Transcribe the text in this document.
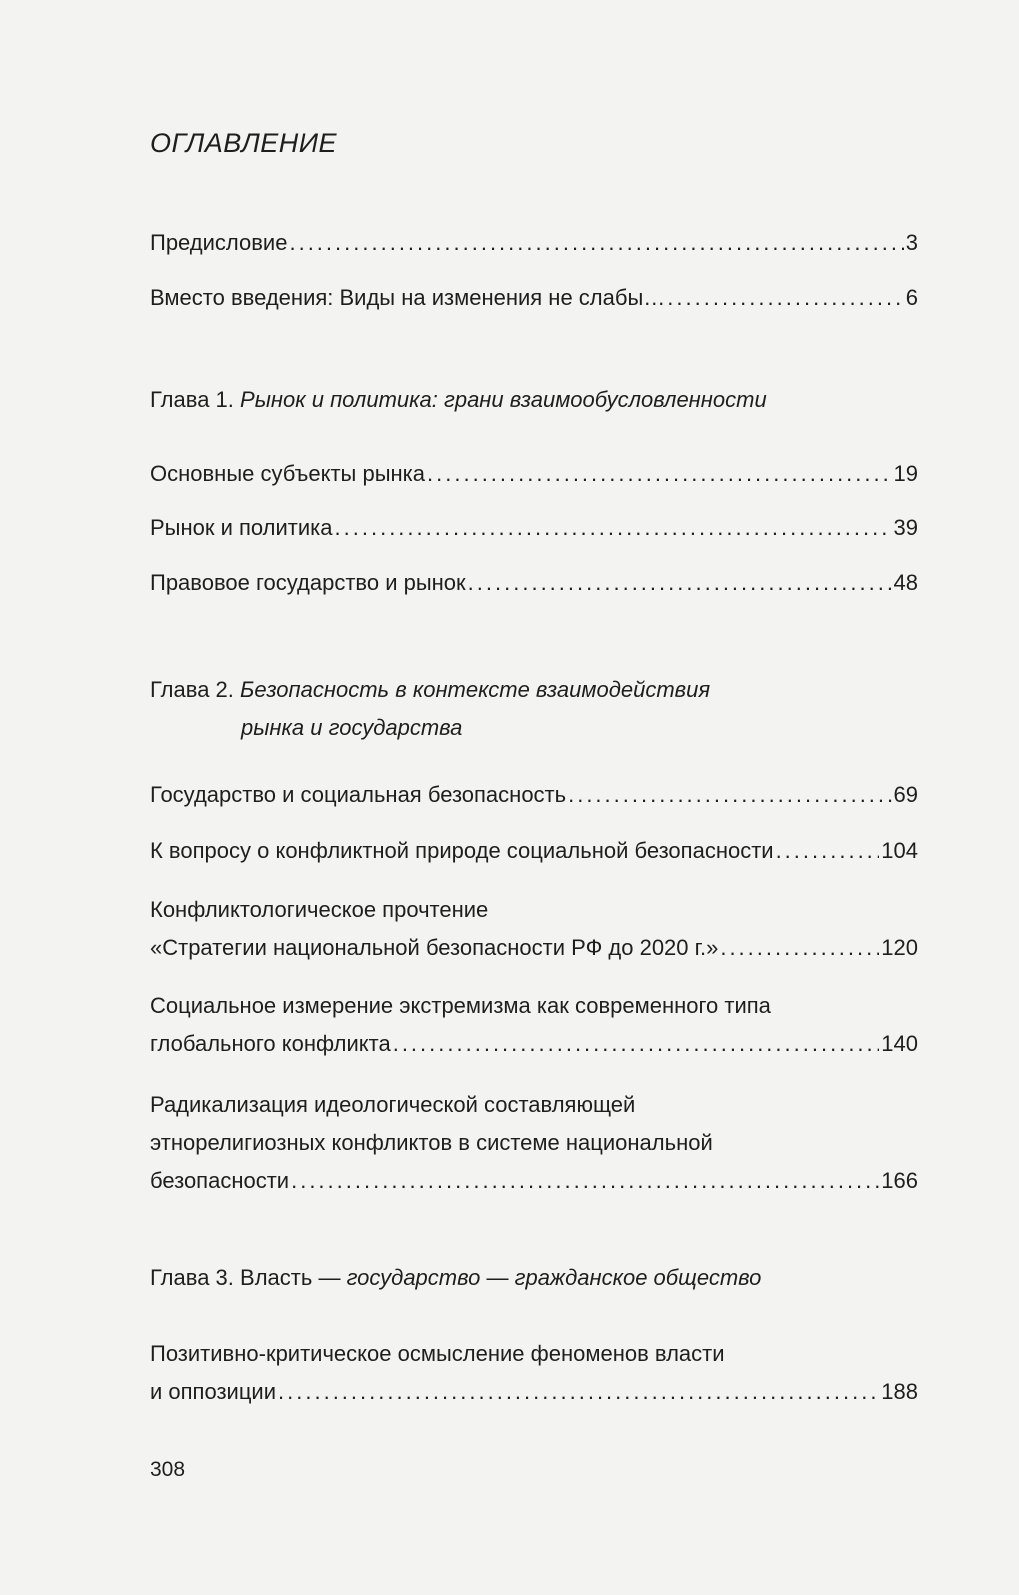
ОГЛАВЛЕНИЕ
Предисловие .....	3
Вместо введения: Виды на изменения не слабы… .....	6
Глава 1. Рынок и политика: грани взаимообусловленности
Основные субъекты рынка .....	19
Рынок и политика .....	39
Правовое государство и рынок .....	48
Глава 2. Безопасность в контексте взаимодействия
рынка и государства
Государство и социальная безопасность .....	69
К вопросу о конфликтной природе социальной безопасности .....	104
Конфликтологическое прочтение
«Стратегии национальной безопасности РФ до 2020 г.» .....	120
Социальное измерение экстремизма как современного типа
глобального конфликта .....	140
Радикализация идеологической составляющей
этнорелигиозных конфликтов в системе национальной
безопасности .....	166
Глава 3. Власть — государство — гражданское общество
Позитивно-критическое осмысление феноменов власти
и оппозиции .....	188
308
